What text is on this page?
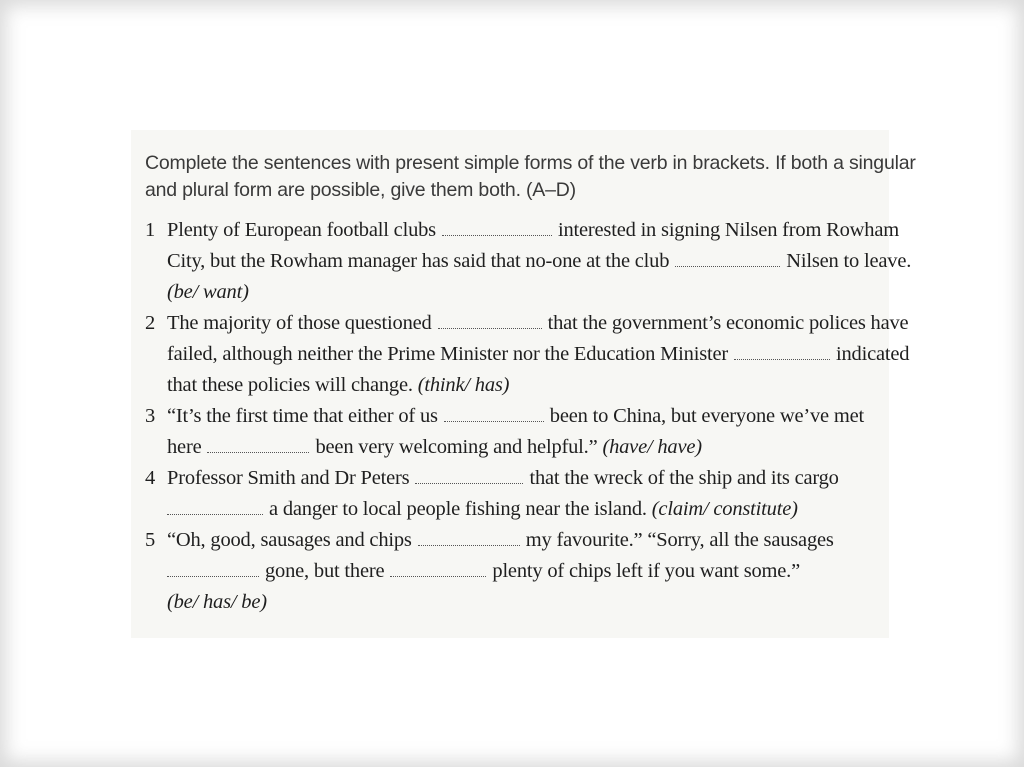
Complete the sentences with present simple forms of the verb in brackets. If both a singular

and plural form are possible, give them both. (A–D)

1 Plenty of European football clubs	interested in signing Nilsen from Rowham
City, but the Rowham manager has said that no-one at the club	Nilsen to leave.
(be/ want)
2 The majority of those questioned	that the government’s economic polices have
failed, although neither the Prime Minister nor the Education Minister	indicated
that these policies will change. (think/ has)
3 “It’s the first time that either of us	been to China, but everyone we’ve met
here	been very welcoming and helpful.” (have/ have)
4 Professor Smith and Dr Peters	that the wreck of the ship and its cargo
a danger to local people fishing near the island. (claim/ constitute)
5 “Oh, good, sausages and chips	my favourite.” “Sorry, all the sausages
gone, but there	plenty of chips left if you want some.”
(be/ has/ be)
